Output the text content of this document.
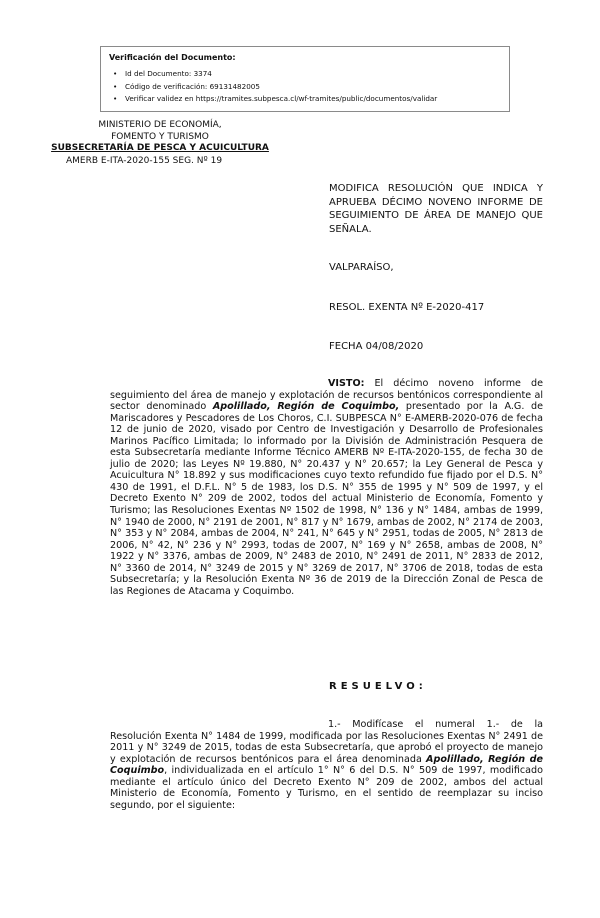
Verificación del Documento:

• Id del Documento: 3374
• Código de verificación: 69131482005
• Verificar validez en https://tramites.subpesca.cl/wf-tramites/public/documentos/validar
MINISTERIO DE ECONOMÍA,
FOMENTO Y TURISMO
SUBSECRETARÍA DE PESCA Y ACUICULTURA
AMERB E-ITA-2020-155 SEG. Nº 19
MODIFICA RESOLUCIÓN QUE INDICA Y APRUEBA DÉCIMO NOVENO INFORME DE SEGUIMIENTO DE ÁREA DE MANEJO QUE SEÑALA.
VALPARAÍSO,
RESOL. EXENTA Nº E-2020-417
FECHA 04/08/2020

VISTO: El décimo noveno informe de seguimiento del área de manejo y explotación de recursos bentónicos correspondiente al sector denominado Apolillado, Región de Coquimbo, presentado por la A.G. de Mariscadores y Pescadores de Los Choros, C.I. SUBPESCA N° E-AMERB-2020-076 de fecha 12 de junio de 2020, visado por Centro de Investigación y Desarrollo de Profesionales Marinos Pacífico Limitada; lo informado por la División de Administración Pesquera de esta Subsecretaría mediante Informe Técnico AMERB Nº E-ITA-2020-155, de fecha 30 de julio de 2020; las Leyes Nº 19.880, N° 20.437 y N° 20.657; la Ley General de Pesca y Acuicultura N° 18.892 y sus modificaciones cuyo texto refundido fue fijado por el D.S. N° 430 de 1991, el D.F.L. N° 5 de 1983, los D.S. N° 355 de 1995 y N° 509 de 1997, y el Decreto Exento N° 209 de 2002, todos del actual Ministerio de Economía, Fomento y Turismo; las Resoluciones Exentas Nº 1502 de 1998, N° 136 y N° 1484, ambas de 1999, N° 1940 de 2000, N° 2191 de 2001, N° 817 y N° 1679, ambas de 2002, N° 2174 de 2003, N° 353 y N° 2084, ambas de 2004, N° 241, N° 645 y N° 2951, todas de 2005, N° 2813 de 2006, N° 42, N° 236 y N° 2993, todas de 2007, N° 169 y N° 2658, ambas de 2008, N° 1922 y N° 3376, ambas de 2009, N° 2483 de 2010, N° 2491 de 2011, N° 2833 de 2012, N° 3360 de 2014, N° 3249 de 2015 y N° 3269 de 2017, N° 3706 de 2018, todas de esta Subsecretaría; y la Resolución Exenta Nº 36 de 2019 de la Dirección Zonal de Pesca de las Regiones de Atacama y Coquimbo.

RESUELVO:

1.- Modifícase el numeral 1.- de la Resolución Exenta N° 1484 de 1999, modificada por las Resoluciones Exentas N° 2491 de 2011 y N° 3249 de 2015, todas de esta Subsecretaría, que aprobó el proyecto de manejo y explotación de recursos bentónicos para el área denominada Apolillado, Región de Coquimbo, individualizada en el artículo 1° N° 6 del D.S. N° 509 de 1997, modificado mediante el artículo único del Decreto Exento N° 209 de 2002, ambos del actual Ministerio de Economía, Fomento y Turismo, en el sentido de reemplazar su inciso segundo, por el siguiente:
